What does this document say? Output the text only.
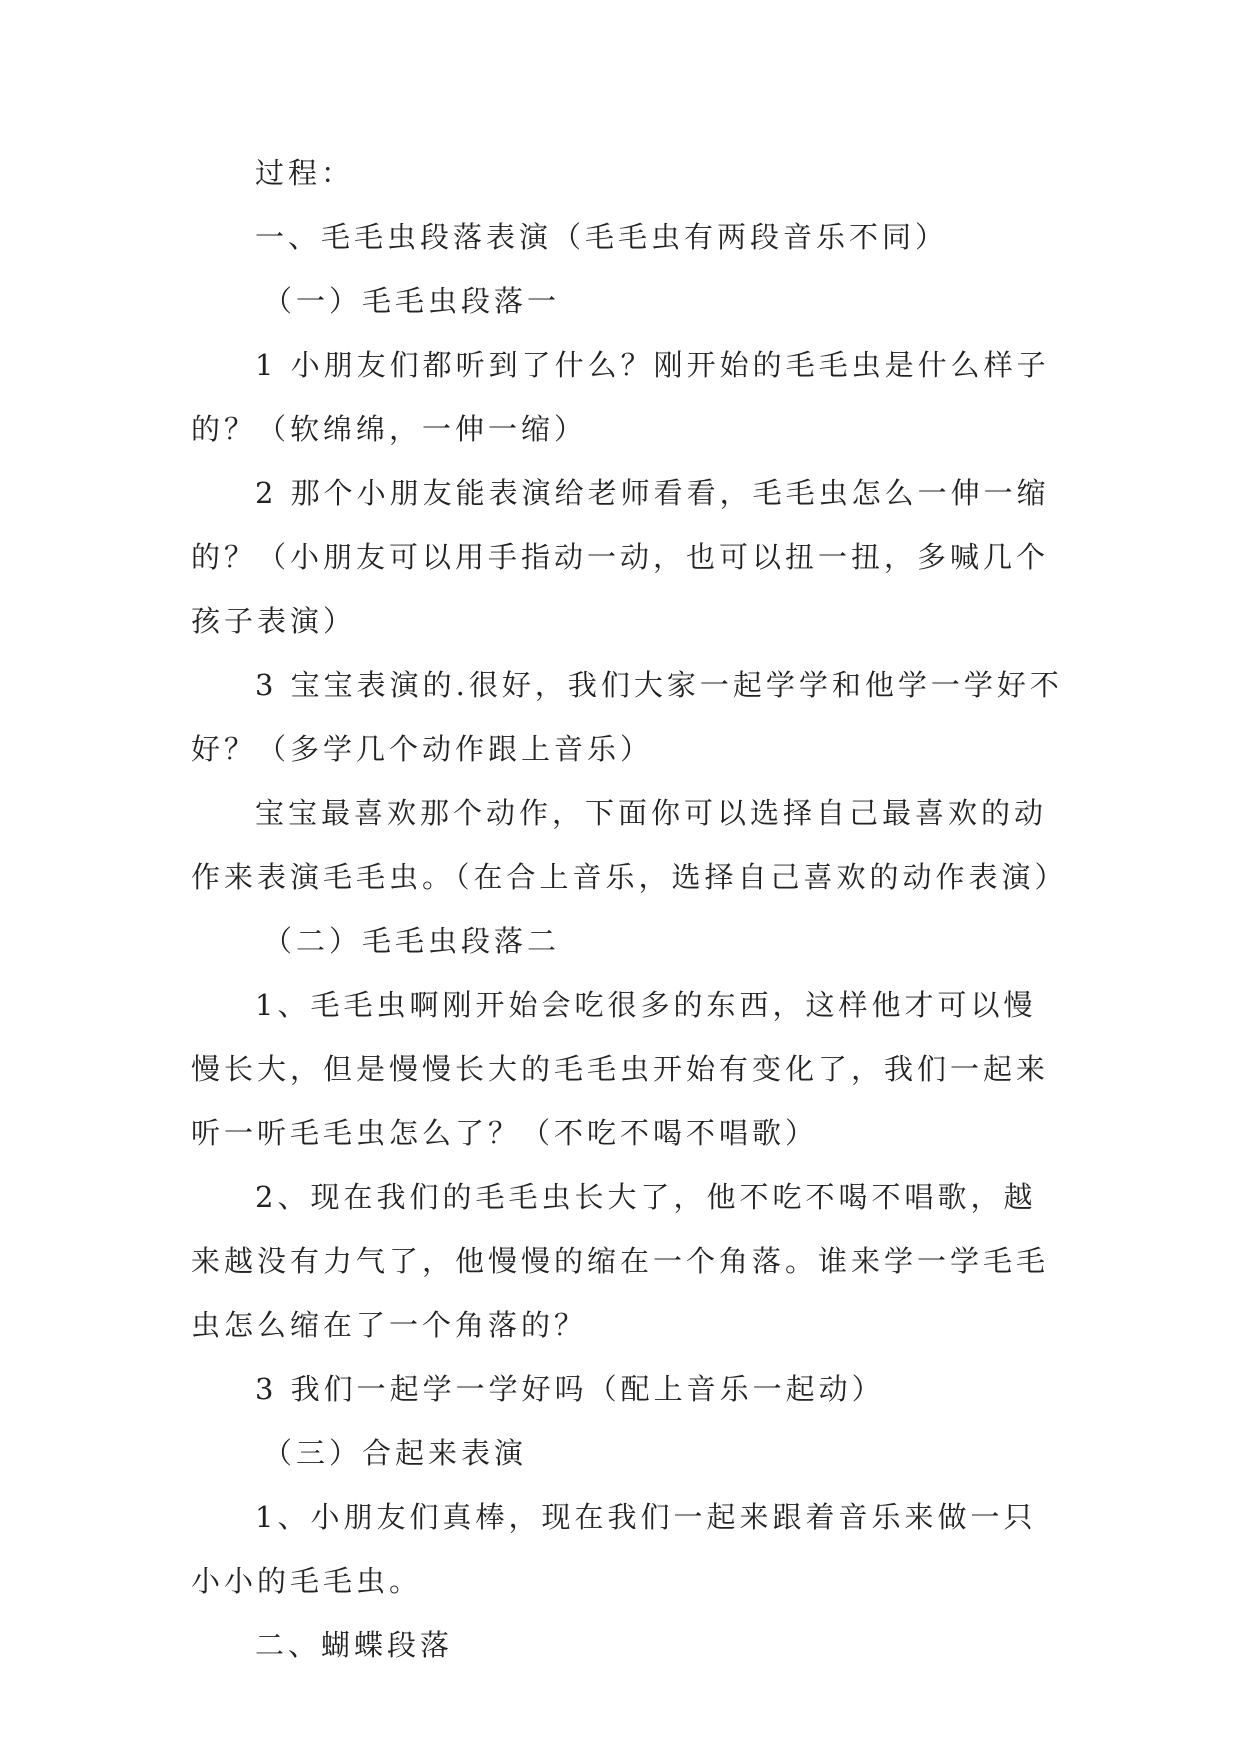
过程：
一、毛毛虫段落表演（毛毛虫有两段音乐不同）
（一）毛毛虫段落一
1 小朋友们都听到了什么？刚开始的毛毛虫是什么样子
的？（软绵绵，一伸一缩）
2 那个小朋友能表演给老师看看，毛毛虫怎么一伸一缩
的？（小朋友可以用手指动一动，也可以扭一扭，多喊几个
孩子表演）
3 宝宝表演的.很好，我们大家一起学学和他学一学好不
好？（多学几个动作跟上音乐）
宝宝最喜欢那个动作，下面你可以选择自己最喜欢的动
作来表演毛毛虫。（在合上音乐，选择自己喜欢的动作表演）
（二）毛毛虫段落二
1、毛毛虫啊刚开始会吃很多的东西，这样他才可以慢
慢长大，但是慢慢长大的毛毛虫开始有变化了，我们一起来
听一听毛毛虫怎么了？（不吃不喝不唱歌）
2、现在我们的毛毛虫长大了，他不吃不喝不唱歌，越
来越没有力气了，他慢慢的缩在一个角落。谁来学一学毛毛
虫怎么缩在了一个角落的？
3 我们一起学一学好吗（配上音乐一起动）
（三）合起来表演
1、小朋友们真棒，现在我们一起来跟着音乐来做一只
小小的毛毛虫。
二、蝴蝶段落
